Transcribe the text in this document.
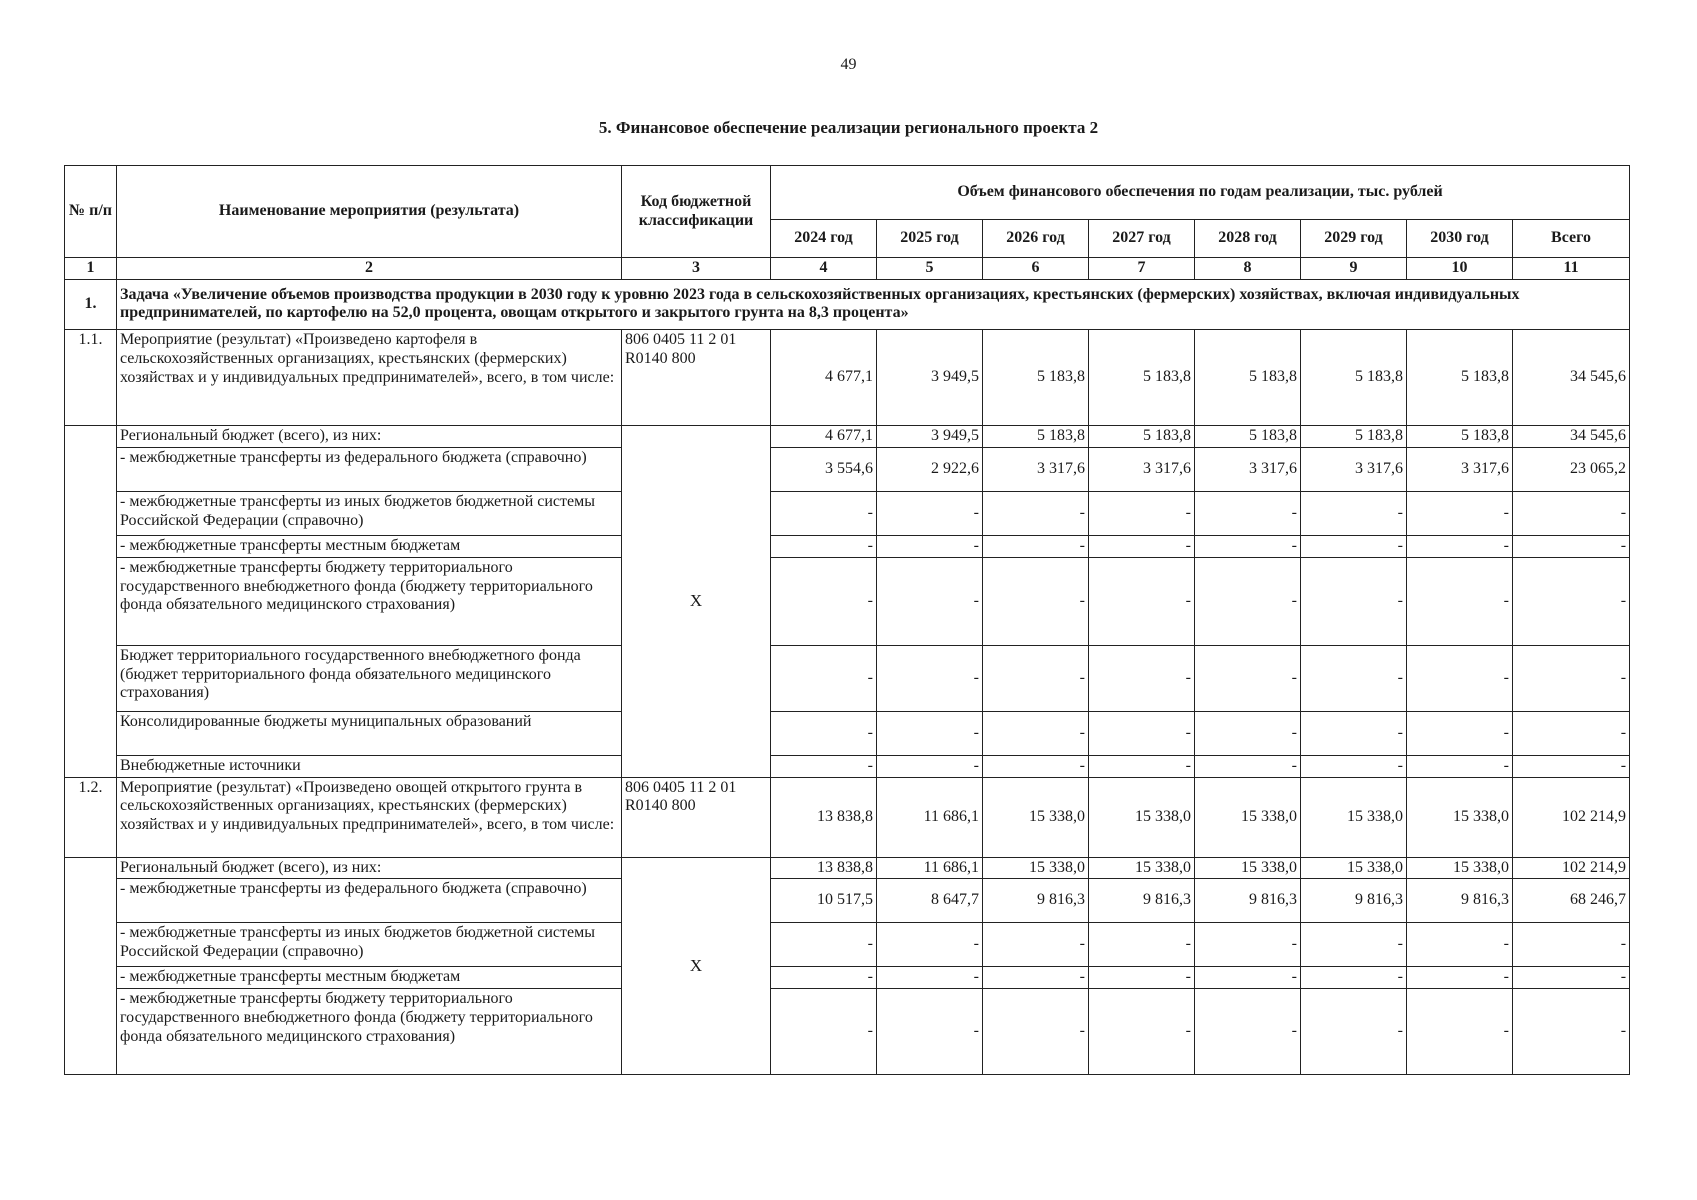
49
5. Финансовое обеспечение реализации регионального проекта 2
№ п/п	Наименование мероприятия (результата)	Код бюджетной классификации	Объем финансового обеспечения по годам реализации, тыс. рублей							
			2024 год	2025 год	2026 год	2027 год	2028 год	2029 год	2030 год	Всего
1	2	3	4	5	6	7	8	9	10	11
1.	Задача «Увеличение объемов производства продукции в 2030 году к уровню 2023 года в сельскохозяйственных организациях, крестьянских (фермерских) хозяйствах, включая индивидуальных предпринимателей, по картофелю на 52,0 процента, овощам открытого и закрытого грунта на 8,3 процента»									
1.1.	Мероприятие (результат) «Произведено картофеля в сельскохозяйственных организациях, крестьянских (фермерских) хозяйствах и у индивидуальных предпринимателей», всего, в том числе:	806 0405 11 2 01 R0140 800	4 677,1	3 949,5	5 183,8	5 183,8	5 183,8	5 183,8	5 183,8	34 545,6
	Региональный бюджет (всего), из них:	X	4 677,1	3 949,5	5 183,8	5 183,8	5 183,8	5 183,8	5 183,8	34 545,6
	- межбюджетные трансферты из федерального бюджета (справочно)		3 554,6	2 922,6	3 317,6	3 317,6	3 317,6	3 317,6	3 317,6	23 065,2
	- межбюджетные трансферты из иных бюджетов бюджетной системы Российской Федерации (справочно)		-	-	-	-	-	-	-	-
	- межбюджетные трансферты местным бюджетам		-	-	-	-	-	-	-	-
	- межбюджетные трансферты бюджету территориального государственного внебюджетного фонда (бюджету территориального фонда обязательного медицинского страхования)		-	-	-	-	-	-	-	-
	Бюджет территориального государственного внебюджетного фонда (бюджет территориального фонда обязательного медицинского страхования)		-	-	-	-	-	-	-	-
	Консолидированные бюджеты муниципальных образований		-	-	-	-	-	-	-	-
	Внебюджетные источники		-	-	-	-	-	-	-	-
1.2.	Мероприятие (результат) «Произведено овощей открытого грунта в сельскохозяйственных организациях, крестьянских (фермерских) хозяйствах и у индивидуальных предпринимателей», всего, в том числе:	806 0405 11 2 01 R0140 800	13 838,8	11 686,1	15 338,0	15 338,0	15 338,0	15 338,0	15 338,0	102 214,9
	Региональный бюджет (всего), из них:	X	13 838,8	11 686,1	15 338,0	15 338,0	15 338,0	15 338,0	15 338,0	102 214,9
	- межбюджетные трансферты из федерального бюджета (справочно)		10 517,5	8 647,7	9 816,3	9 816,3	9 816,3	9 816,3	9 816,3	68 246,7
	- межбюджетные трансферты из иных бюджетов бюджетной системы Российской Федерации (справочно)		-	-	-	-	-	-	-	-
	- межбюджетные трансферты местным бюджетам		-	-	-	-	-	-	-	-
	- межбюджетные трансферты бюджету территориального государственного внебюджетного фонда (бюджету территориального фонда обязательного медицинского страхования)		-	-	-	-	-	-	-	-
